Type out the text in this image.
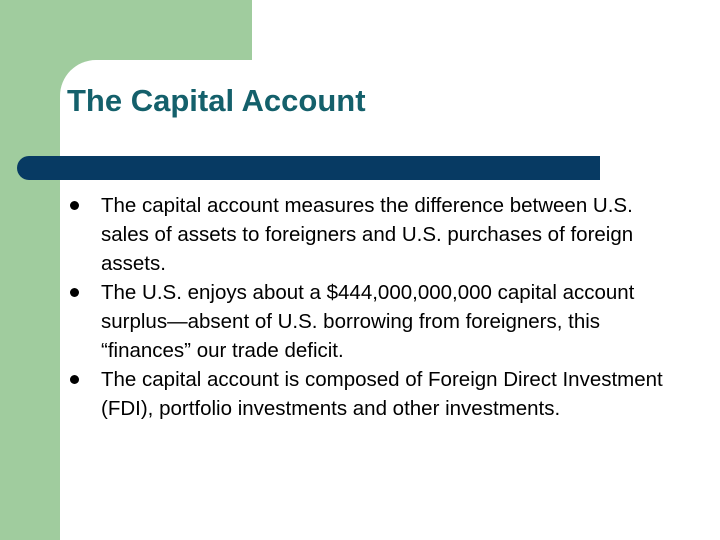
The Capital Account
The capital account measures the difference between U.S. sales of assets to foreigners and U.S. purchases of foreign assets.
The U.S. enjoys about a $444,000,000,000 capital account surplus—absent of U.S. borrowing from foreigners, this “finances” our trade deficit.
The capital account is composed of Foreign Direct Investment (FDI), portfolio investments and other investments.
